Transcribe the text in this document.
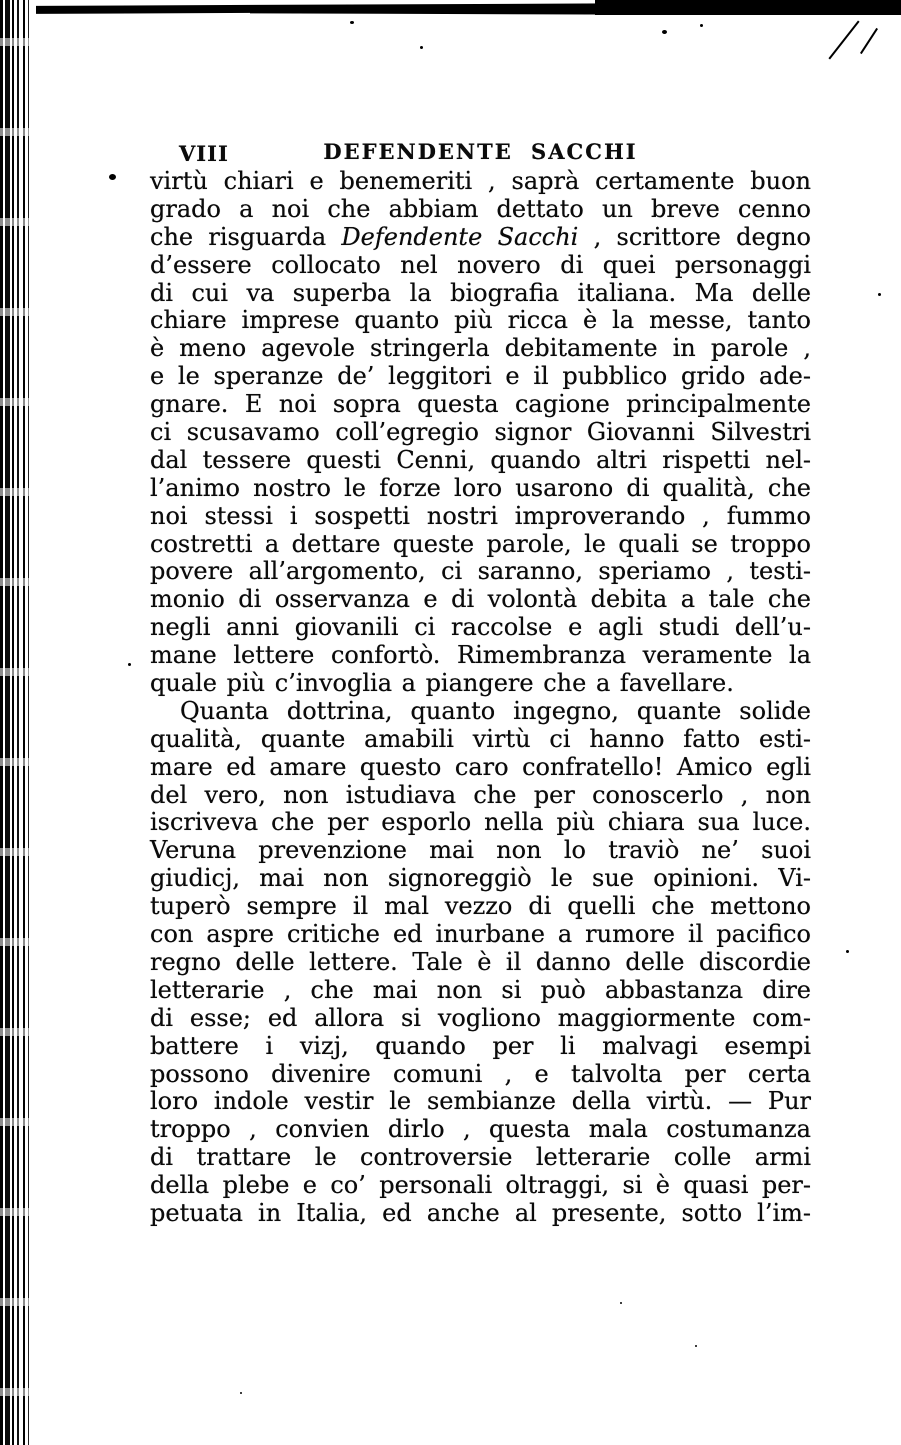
VIII	DEFENDENTE SACCHI
virtù chiari e benemeriti , saprà certamente buon
grado a noi che abbiam dettato un breve cenno
che risguarda Defendente Sacchi , scrittore degno
d’essere collocato nel novero di quei personaggi
di cui va superba la biografia italiana. Ma delle
chiare imprese quanto più ricca è la messe, tanto
è meno agevole stringerla debitamente in parole ,
e le speranze de’ leggitori e il pubblico grido ade-
gnare. E noi sopra questa cagione principalmente
ci scusavamo coll’egregio signor Giovanni Silvestri
dal tessere questi Cenni, quando altri rispetti nel-
l’animo nostro le forze loro usarono di qualità, che
noi stessi i sospetti nostri improverando , fummo
costretti a dettare queste parole, le quali se troppo
povere all’argomento, ci saranno, speriamo , testi-
monio di osservanza e di volontà debita a tale che
negli anni giovanili ci raccolse e agli studi dell’u-
mane lettere confortò. Rimembranza veramente la
quale più c’invoglia a piangere che a favellare.
Quanta dottrina, quanto ingegno, quante solide
qualità, quante amabili virtù ci hanno fatto esti-
mare ed amare questo caro confratello! Amico egli
del vero, non istudiava che per conoscerlo , non
iscriveva che per esporlo nella più chiara sua luce.
Veruna prevenzione mai non lo traviò ne’ suoi
giudicj, mai non signoreggiò le sue opinioni. Vi-
tuperò sempre il mal vezzo di quelli che mettono
con aspre critiche ed inurbane a rumore il pacifico
regno delle lettere. Tale è il danno delle discordie
letterarie , che mai non si può abbastanza dire
di esse; ed allora si vogliono maggiormente com-
battere i vizj, quando per li malvagi esempi
possono divenire comuni , e talvolta per certa
loro indole vestir le sembianze della virtù. — Pur
troppo , convien dirlo , questa mala costumanza
di trattare le controversie letterarie colle armi
della plebe e co’ personali oltraggi, si è quasi per-
petuata in Italia, ed anche al presente, sotto l’im-
